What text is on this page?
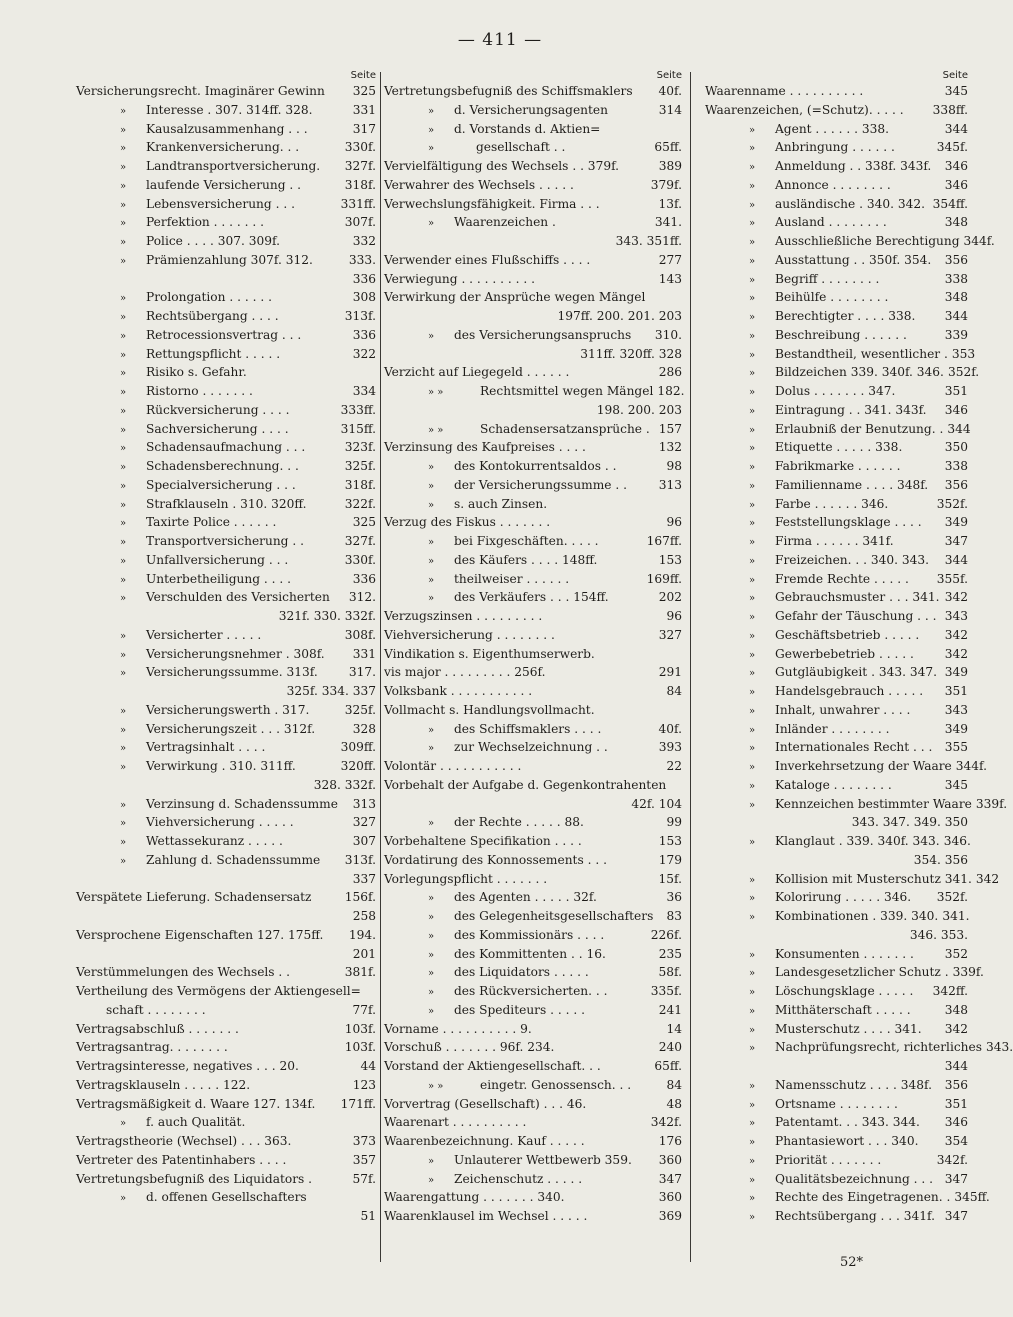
— 411 —
Seite
Versicherungsrecht. Imaginärer Gewinn	325
»	Interesse . 307. 314ff. 328.	331
»	Kausalzusammenhang . . .	317
»	Krankenversicherung. . .	330f.
»	Landtransportversicherung.	327f.
»	laufende Versicherung . .	318f.
»	Lebensversicherung . . .	331ff.
»	Perfektion . . . . . . .	307f.
»	Police . . . . 307. 309f.	332
»	Prämienzahlung 307f. 312.	333.
336
»	Prolongation . . . . . .	308
»	Rechtsübergang . . . .	313f.
»	Retrocessionsvertrag . . .	336
»	Rettungspflicht . . . . .	322
»	Risiko s. Gefahr.
»	Ristorno . . . . . . .	334
»	Rückversicherung . . . .	333ff.
»	Sachversicherung . . . .	315ff.
»	Schadensaufmachung . . .	323f.
»	Schadensberechnung. . .	325f.
»	Specialversicherung . . .	318f.
»	Strafklauseln . 310. 320ff.	322f.
»	Taxirte Police . . . . . .	325
»	Transportversicherung . .	327f.
»	Unfallversicherung . . .	330f.
»	Unterbetheiligung . . . .	336
»	Verschulden des Versicherten	312.
321f. 330. 332f.
»	Versicherter . . . . .	308f.
»	Versicherungsnehmer . 308f.	331
»	Versicherungssumme. 313f.	317.
325f. 334. 337
»	Versicherungswerth . 317.	325f.
»	Versicherungszeit . . . 312f.	328
»	Vertragsinhalt . . . .	309ff.
»	Verwirkung . 310. 311ff.	320ff.
328. 332f.
»	Verzinsung d. Schadenssumme	313
»	Viehversicherung . . . . .	327
»	Wettassekuranz . . . . .	307
»	Zahlung d. Schadenssumme	313f.
337
Verspätete Lieferung. Schadensersatz	156f.
258
Versprochene Eigenschaften 127. 175ff.	194.
201
Verstümmelungen des Wechsels . .	381f.
Vertheilung des Vermögens der Aktiengesell=
schaft . . . . . . . .	77f.
Vertragsabschluß . . . . . . .	103f.
Vertragsantrag. . . . . . . .	103f.
Vertragsinteresse, negatives . . . 20.	44
Vertragsklauseln . . . . . 122.	123
Vertragsmäßigkeit d. Waare 127. 134f.	171ff.
»	f. auch Qualität.
Vertragstheorie (Wechsel) . . . 363.	373
Vertreter des Patentinhabers . . . .	357
Vertretungsbefugniß des Liquidators .	57f.
»	d. offenen Gesellschafters
51
Seite
Vertretungsbefugniß des Schiffsmaklers	40f.
»	d. Versicherungsagenten	314
»	d. Vorstands d. Aktien=
»	gesellschaft . .	65ff.
Vervielfältigung des Wechsels . . 379f.	389
Verwahrer des Wechsels . . . . .	379f.
Verwechslungsfähigkeit. Firma . . .	13f.
»	Waarenzeichen .	341.
343. 351ff.
Verwender eines Flußschiffs . . . .	277
Verwiegung . . . . . . . . . .	143
Verwirkung der Ansprüche wegen Mängel
197ff. 200. 201. 203
»	des Versicherungsanspruchs	310.
311ff. 320ff. 328
Verzicht auf Liegegeld . . . . . .	286
» »	Rechtsmittel wegen Mängel 182.
198. 200. 203
» »	Schadensersatzansprüche . 157
Verzinsung des Kaufpreises . . . .	132
»	des Kontokurrentsaldos . .	98
»	der Versicherungssumme . .	313
»	s. auch Zinsen.
Verzug des Fiskus . . . . . . .	96
»	bei Fixgeschäften. . . . .	167ff.
»	des Käufers . . . . 148ff.	153
»	theilweiser . . . . . .	169ff.
»	des Verkäufers . . . 154ff.	202
Verzugszinsen . . . . . . . . .	96
Viehversicherung . . . . . . . .	327
Vindikation s. Eigenthumserwerb.
vis major . . . . . . . . . 256f.	291
Volksbank . . . . . . . . . . .	84
Vollmacht s. Handlungsvollmacht.
»	des Schiffsmaklers . . . .	40f.
»	zur Wechselzeichnung . .	393
Volontär . . . . . . . . . . .	22
Vorbehalt der Aufgabe d. Gegenkontrahenten
42f. 104
»	der Rechte . . . . . 88.	99
Vorbehaltene Specifikation . . . .	153
Vordatirung des Konnossements . . .	179
Vorlegungspflicht . . . . . . .	15f.
»	des Agenten . . . . . 32f.	36
»	des Gelegenheitsgesellschafters	83
»	des Kommissionärs . . . .	226f.
»	des Kommittenten . . 16.	235
»	des Liquidators . . . . .	58f.
»	des Rückversicherten. . .	335f.
»	des Spediteurs . . . . .	241
Vorname . . . . . . . . . . 9.	14
Vorschuß . . . . . . . 96f. 234.	240
Vorstand der Aktiengesellschaft. . .	65ff.
» »	eingetr. Genossensch. . .	84
Vorvertrag (Gesellschaft) . . . 46.	48
Waarenart . . . . . . . . . .	342f.
Waarenbezeichnung. Kauf . . . . .	176
»	Unlauterer Wettbewerb 359.	360
»	Zeichenschutz . . . . .	347
Waarengattung . . . . . . . 340.	360
Waarenklausel im Wechsel . . . . .	369
Seite
Waarenname . . . . . . . . . .	345
Waarenzeichen, (=Schutz). . . . .	338ff.
»	Agent . . . . . . 338.	344
»	Anbringung . . . . . .	345f.
»	Anmeldung . . 338f. 343f.	346
»	Annonce . . . . . . . .	346
»	ausländische . 340. 342. 354ff.
»	Ausland . . . . . . . .	348
»	Ausschließliche Berechtigung 344f.
»	Ausstattung . . 350f. 354.	356
»	Begriff . . . . . . . .	338
»	Beihülfe . . . . . . . .	348
»	Berechtigter . . . . 338.	344
»	Beschreibung . . . . . .	339
»	Bestandtheil, wesentlicher . 353
»	Bildzeichen 339. 340f. 346. 352f.
»	Dolus . . . . . . . 347.	351
»	Eintragung . . 341. 343f.	346
»	Erlaubniß der Benutzung. . 344
»	Etiquette . . . . . 338.	350
»	Fabrikmarke . . . . . .	338
»	Familienname . . . . 348f.	356
»	Farbe . . . . . . 346.	352f.
»	Feststellungsklage . . . .	349
»	Firma . . . . . . 341f.	347
»	Freizeichen. . . 340. 343.	344
»	Fremde Rechte . . . . .	355f.
»	Gebrauchsmuster . . . 341. 342
»	Gefahr der Täuschung . . . 343
»	Geschäftsbetrieb . . . . .	342
»	Gewerbebetrieb . . . . .	342
»	Gutgläubigkeit . 343. 347. 349
»	Handelsgebrauch . . . . .	351
»	Inhalt, unwahrer . . . .	343
»	Inländer . . . . . . . .	349
»	Internationales Recht . . .	355
»	Inverkehrsetzung der Waare 344f.
»	Kataloge . . . . . . . .	345
»	Kennzeichen bestimmter Waare 339f.
343. 347. 349. 350
»	Klanglaut . 339. 340f. 343. 346.
354. 356
»	Kollision mit Musterschutz 341. 342
»	Kolorirung . . . . . 346.	352f.
»	Kombinationen . 339. 340. 341.
346. 353.
»	Konsumenten . . . . . . .	352
»	Landesgesetzlicher Schutz . 339f.
»	Löschungsklage . . . . .	342ff.
»	Mitthäterschaft . . . . .	348
»	Musterschutz . . . . 341.	342
»	Nachprüfungsrecht, richterliches 343.
344
»	Namensschutz . . . . 348f.	356
»	Ortsname . . . . . . . .	351
»	Patentamt. . . 343. 344.	346
»	Phantasiewort . . . 340.	354
»	Priorität . . . . . . .	342f.
»	Qualitätsbezeichnung . . . 347
»	Rechte des Eingetragenen. . 345ff.
»	Rechtsübergang . . . 341f. 347
52*
